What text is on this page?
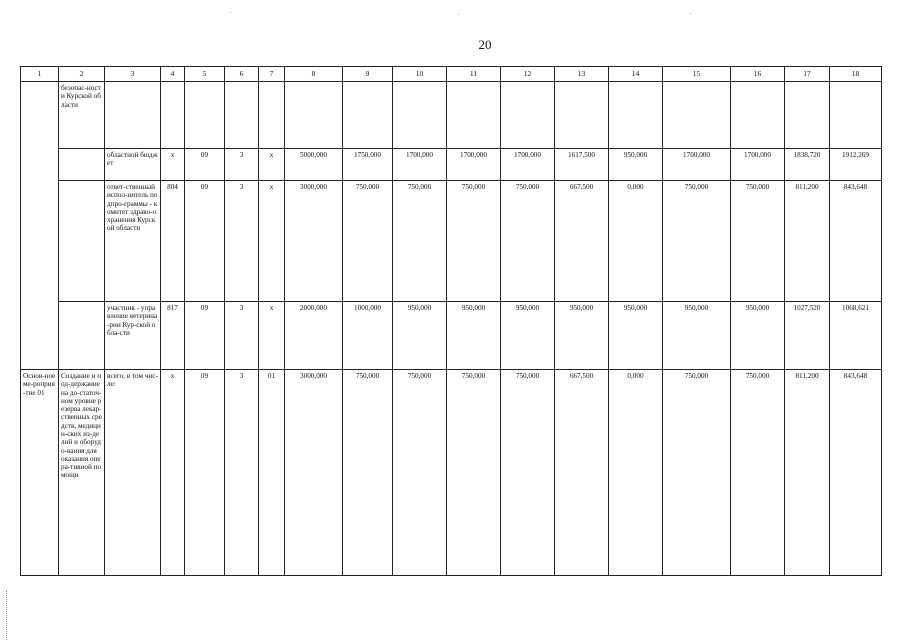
20
1	2	3	4	5	6	7	8	9	10	11	12	13	14	15	16	17	18
	безопас-ности Курской области																
		областной бюджет	х	09	3	х	5000,000	1750,000	1700,000	1700,000	1700,000	1617,500	950,000	1700,000	1700,000	1838,720	1912,269
		ответ-ственный испол-нитель подпро-граммы - комитет здраво-охранения Курской области	804	09	3	х	3000,000	750,000	750,000	750,000	750,000	667,500	0,000	750,000	750,000	811,200	843,648
		участник - управление ветерина-рии Кур-ской обла-сти	817	09	3	х	2000,000	1000,000	950,000	950,000	950,000	950,000	950,000	950,000	950,000	1027,520	1068,621
Основ-ное ме-роприя-тие 01	Создание и под-держание на до-статоч-ном уровне резерва лекар-ственных средств, медицин-ских из-делий и оборудо-вания для оказания опера-тивной помощи	всего, в том чис-ле:	х	09	3	01	3000,000	750,000	750,000	750,000	750,000	667,500	0,000	750,000	750,000	811,200	843,648
